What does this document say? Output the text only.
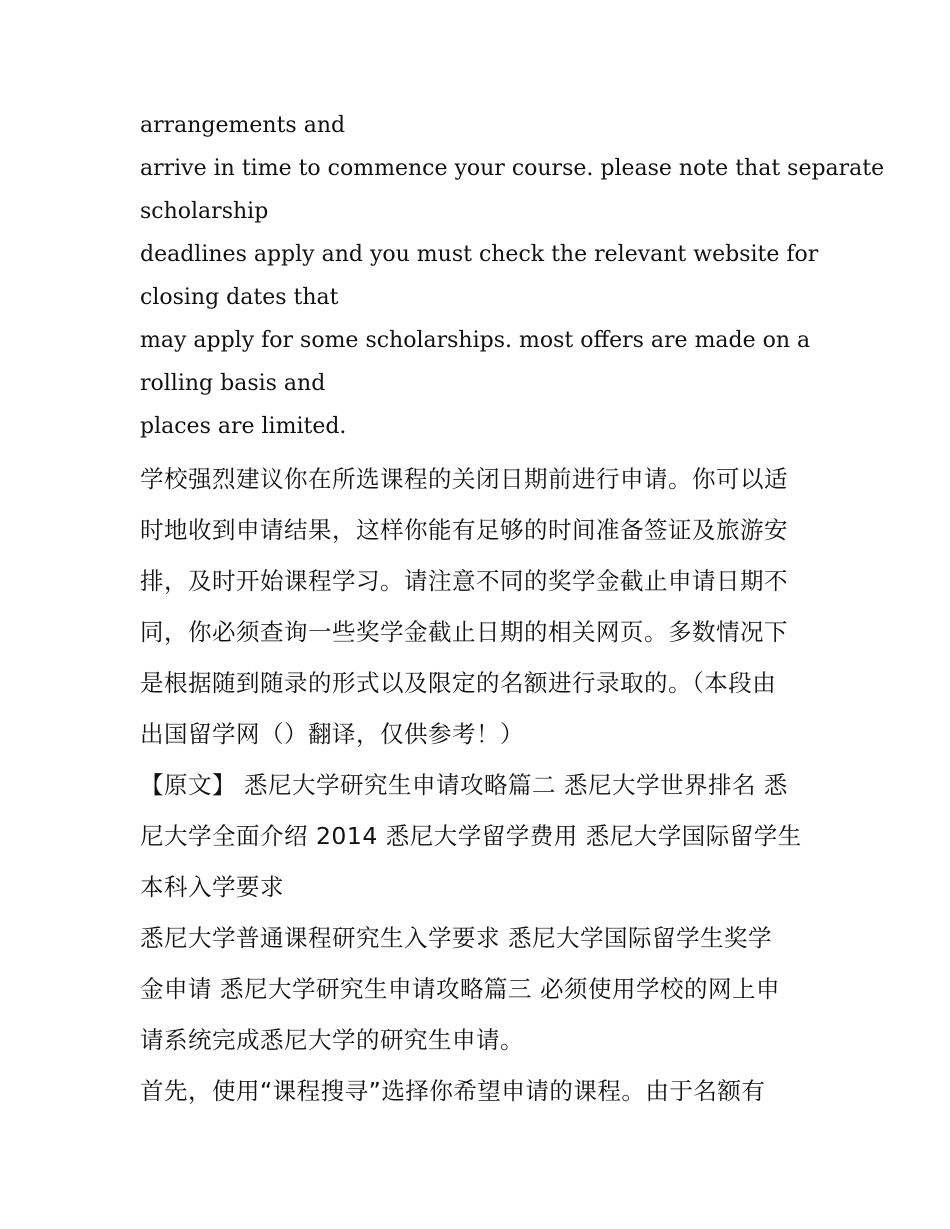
arrangements and

arrive in time to commence your course. please note that separate

scholarship

deadlines apply and you must check the relevant website for

closing dates that

may apply for some scholarships. most offers are made on a

rolling basis and

places are limited.

学校强烈建议你在所选课程的关闭日期前进行申请。你可以适

时地收到申请结果，这样你能有足够的时间准备签证及旅游安

排，及时开始课程学习。请注意不同的奖学金截止申请日期不

同，你必须查询一些奖学金截止日期的相关网页。多数情况下

是根据随到随录的形式以及限定的名额进行录取的。（本段由

出国留学网（）翻译，仅供参考！）

【原文】 悉尼大学研究生申请攻略篇二 悉尼大学世界排名 悉

尼大学全面介绍 2014 悉尼大学留学费用 悉尼大学国际留学生

本科入学要求

悉尼大学普通课程研究生入学要求 悉尼大学国际留学生奖学

金申请 悉尼大学研究生申请攻略篇三 必须使用学校的网上申

请系统完成悉尼大学的研究生申请。

首先，使用“课程搜寻”选择你希望申请的课程。由于名额有
